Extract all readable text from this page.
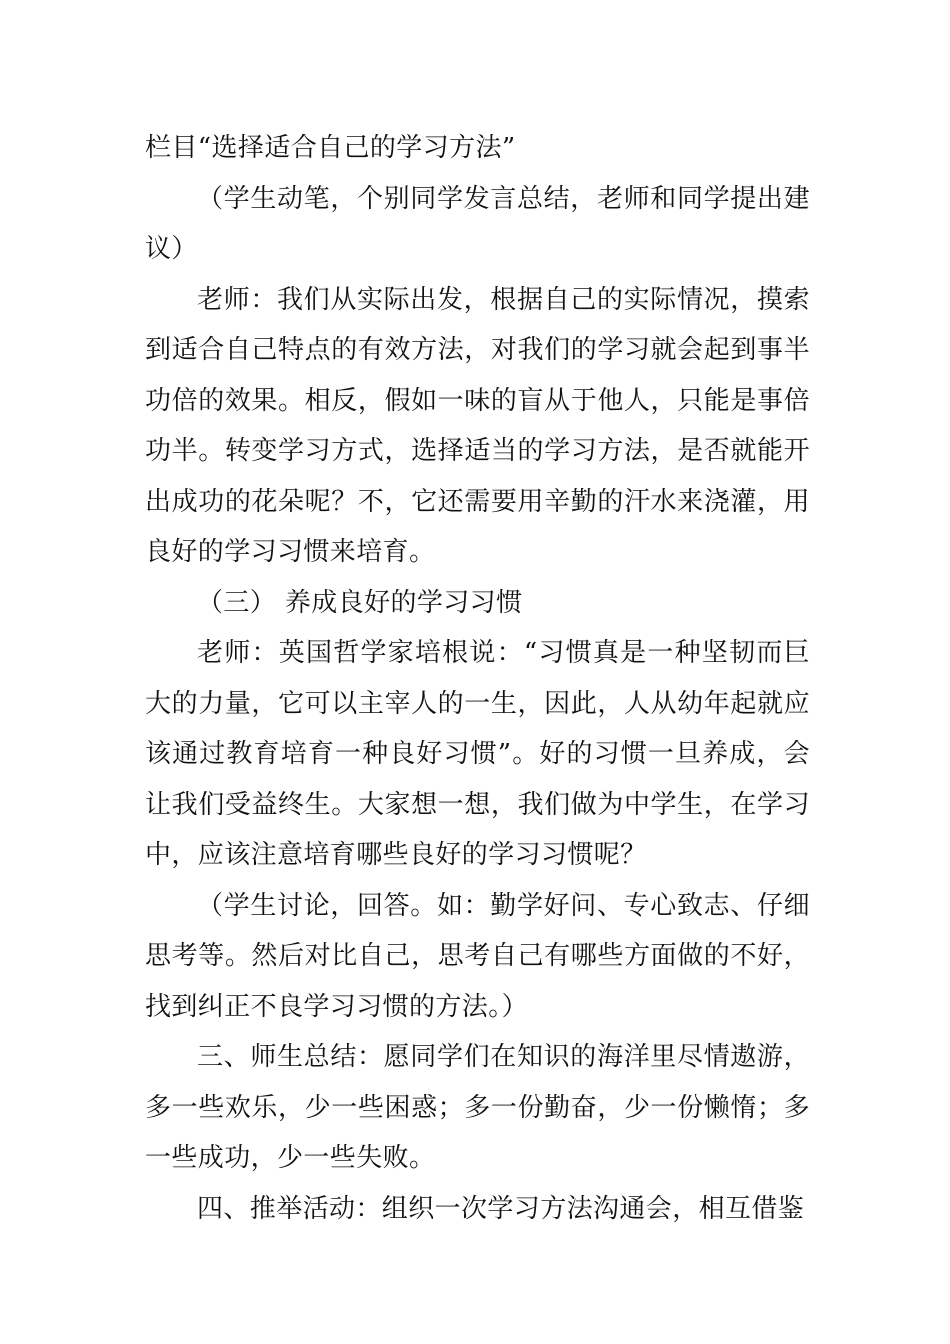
栏目“选择适合自己的学习方法”

（学生动笔，个别同学发言总结，老师和同学提出建议）

老师：我们从实际出发，根据自己的实际情况，摸索到适合自己特点的有效方法，对我们的学习就会起到事半功倍的效果。相反，假如一味的盲从于他人，只能是事倍功半。转变学习方式，选择适当的学习方法，是否就能开出成功的花朵呢？不，它还需要用辛勤的汗水来浇灌，用良好的学习习惯来培育。

（三） 养成良好的学习习惯

老师：英国哲学家培根说：“习惯真是一种坚韧而巨大的力量，它可以主宰人的一生，因此，人从幼年起就应该通过教育培育一种良好习惯”。好的习惯一旦养成，会让我们受益终生。大家想一想，我们做为中学生，在学习中，应该注意培育哪些良好的学习习惯呢？

（学生讨论，回答。如：勤学好问、专心致志、仔细思考等。然后对比自己，思考自己有哪些方面做的不好，找到纠正不良学习习惯的方法。）

三、师生总结：愿同学们在知识的海洋里尽情遨游，多一些欢乐，少一些困惑；多一份勤奋，少一份懒惰；多一些成功，少一些失败。

四、推举活动：组织一次学习方法沟通会，相互借鉴
